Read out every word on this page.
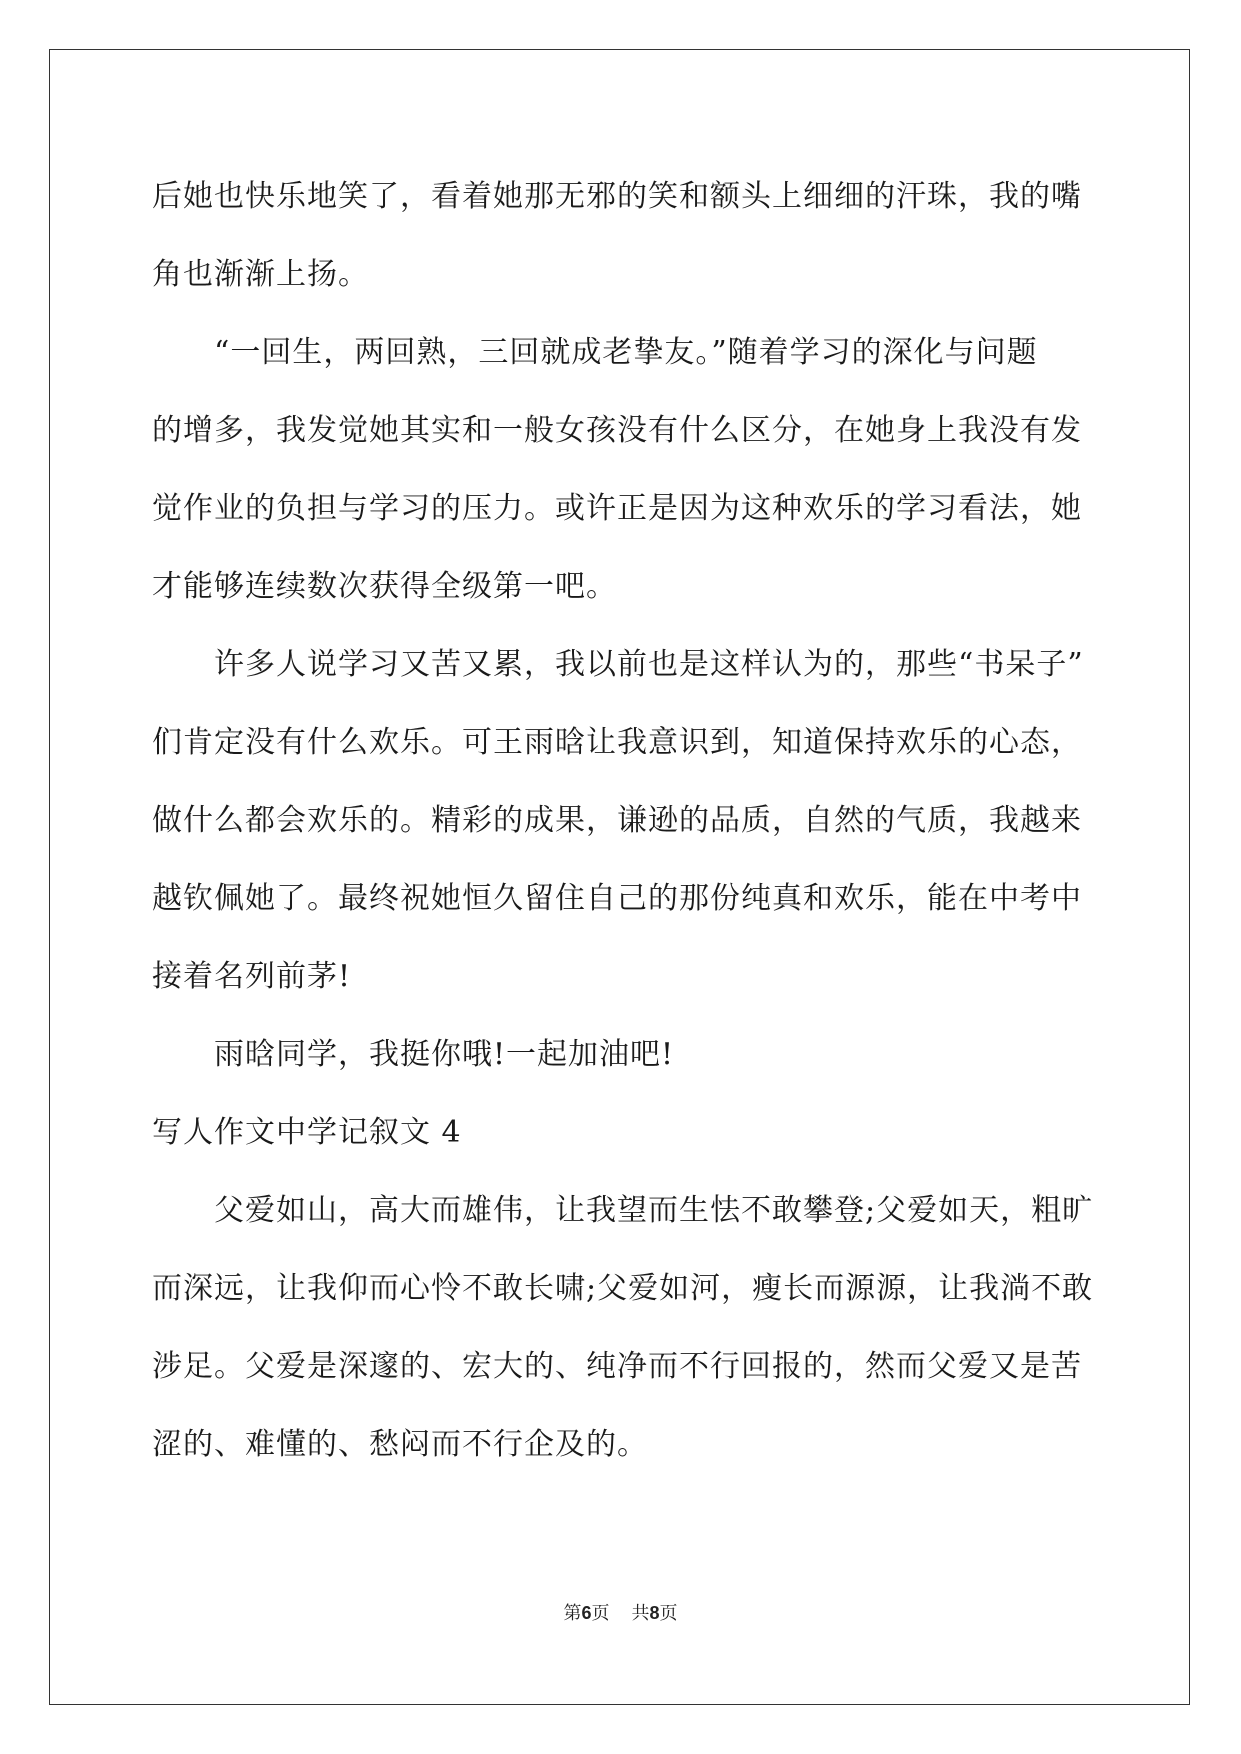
后她也快乐地笑了，看着她那无邪的笑和额头上细细的汗珠，我的嘴
角也渐渐上扬。
“一回生，两回熟，三回就成老挚友。”随着学习的深化与问题
的增多，我发觉她其实和一般女孩没有什么区分，在她身上我没有发
觉作业的负担与学习的压力。或许正是因为这种欢乐的学习看法，她
才能够连续数次获得全级第一吧。
许多人说学习又苦又累，我以前也是这样认为的，那些“书呆子”
们肯定没有什么欢乐。可王雨晗让我意识到，知道保持欢乐的心态，
做什么都会欢乐的。精彩的成果，谦逊的品质，自然的气质，我越来
越钦佩她了。最终祝她恒久留住自己的那份纯真和欢乐，能在中考中
接着名列前茅!
雨晗同学，我挺你哦!一起加油吧!
写人作文中学记叙文 4
父爱如山，高大而雄伟，让我望而生怯不敢攀登;父爱如天，粗旷
而深远，让我仰而心怜不敢长啸;父爱如河，瘦长而源源，让我淌不敢
涉足。父爱是深邃的、宏大的、纯净而不行回报的，然而父爱又是苦
涩的、难懂的、愁闷而不行企及的。
第6页 共8页
